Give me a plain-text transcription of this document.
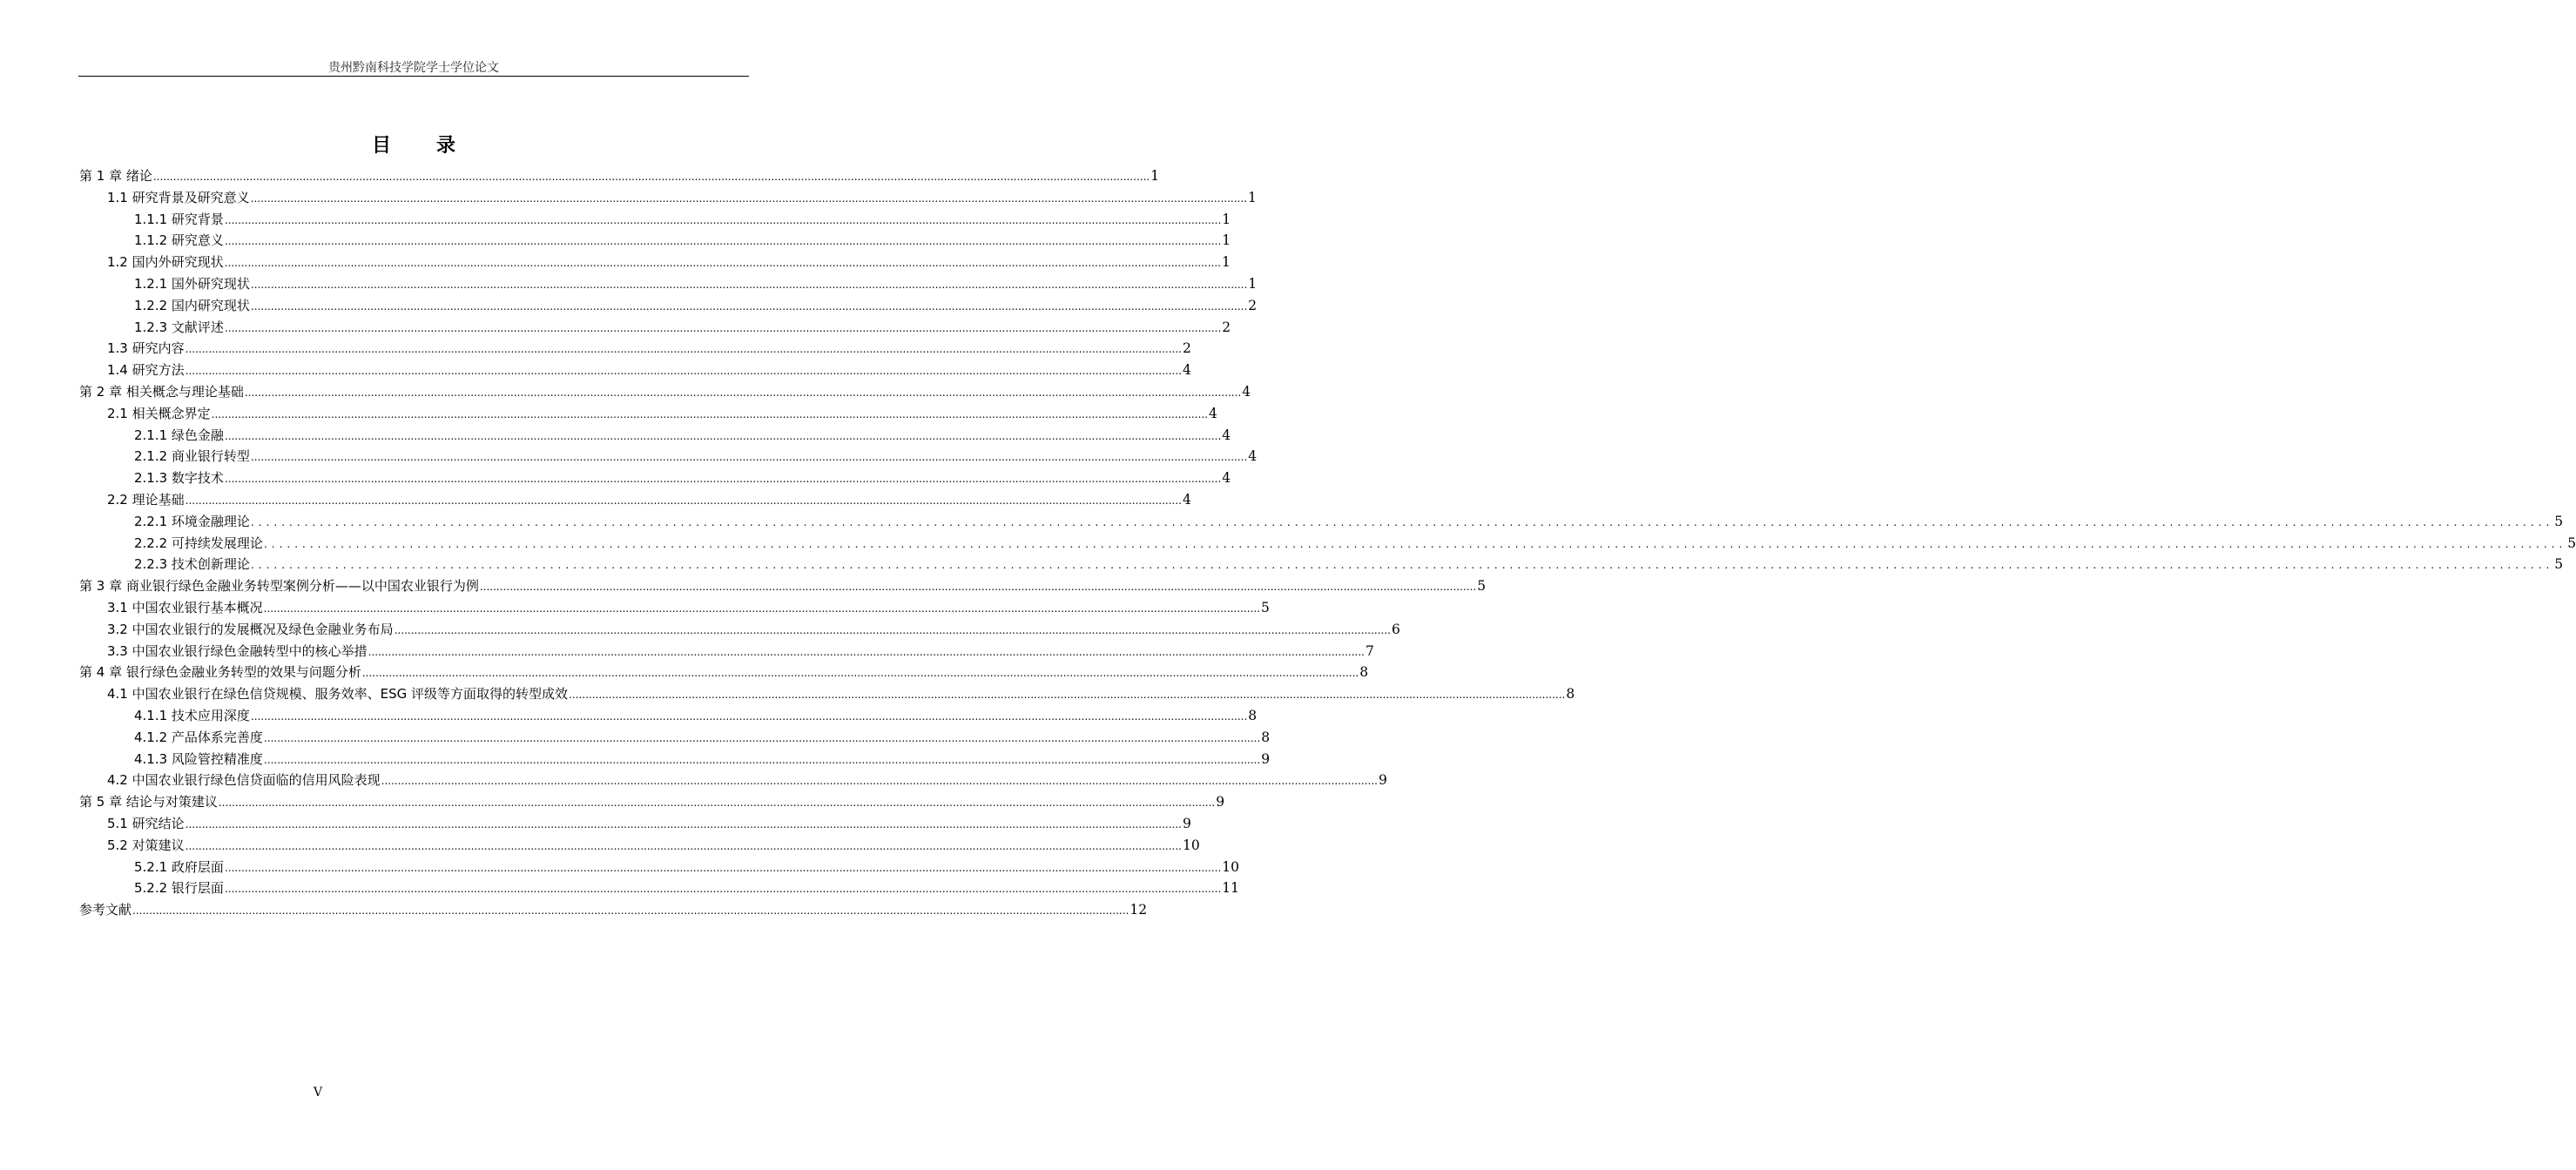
贵州黔南科技学院学士学位论文
目录
第 1 章 绪论 ............................................................................................................................................................................................................................................................................................................ 1
1.1 研究背景及研究意义 ............................................................................................................................................................................................................................................................................................................ 1
1.1.1 研究背景 ............................................................................................................................................................................................................................................................................................................ 1
1.1.2 研究意义 ............................................................................................................................................................................................................................................................................................................ 1
1.2 国内外研究现状 ............................................................................................................................................................................................................................................................................................................ 1
1.2.1 国外研究现状 ............................................................................................................................................................................................................................................................................................................ 1
1.2.2 国内研究现状 ............................................................................................................................................................................................................................................................................................................ 2
1.2.3 文献评述 ............................................................................................................................................................................................................................................................................................................ 2
1.3 研究内容 ............................................................................................................................................................................................................................................................................................................ 2
1.4 研究方法 ............................................................................................................................................................................................................................................................................................................ 4
第 2 章 相关概念与理论基础 ............................................................................................................................................................................................................................................................................................................ 4
2.1 相关概念界定 ............................................................................................................................................................................................................................................................................................................ 4
2.1.1 绿色金融 ............................................................................................................................................................................................................................................................................................................ 4
2.1.2 商业银行转型 ............................................................................................................................................................................................................................................................................................................ 4
2.1.3 数字技术 ............................................................................................................................................................................................................................................................................................................ 4
2.2 理论基础 ............................................................................................................................................................................................................................................................................................................ 4
2.2.1 环境金融理论 ............................................................................................................................................................................................................................................................................................................ 5
2.2.2 可持续发展理论 ............................................................................................................................................................................................................................................................................................................ 5
2.2.3 技术创新理论 ............................................................................................................................................................................................................................................................................................................ 5
第 3 章 商业银行绿色金融业务转型案例分析——以中国农业银行为例 ............................................................................................................................................................................................................................................................................................................ 5
3.1 中国农业银行基本概况 ............................................................................................................................................................................................................................................................................................................ 5
3.2 中国农业银行的发展概况及绿色金融业务布局 ............................................................................................................................................................................................................................................................................................................ 6
3.3 中国农业银行绿色金融转型中的核心举措 ............................................................................................................................................................................................................................................................................................................ 7
第 4 章 银行绿色金融业务转型的效果与问题分析 ............................................................................................................................................................................................................................................................................................................ 8
4.1 中国农业银行在绿色信贷规模、服务效率、ESG 评级等方面取得的转型成效 ............................................................................................................................................................................................................................................................................................................ 8
4.1.1 技术应用深度 ............................................................................................................................................................................................................................................................................................................ 8
4.1.2 产品体系完善度 ............................................................................................................................................................................................................................................................................................................ 8
4.1.3 风险管控精准度 ............................................................................................................................................................................................................................................................................................................ 9
4.2 中国农业银行绿色信贷面临的信用风险表现 ............................................................................................................................................................................................................................................................................................................ 9
第 5 章 结论与对策建议 ............................................................................................................................................................................................................................................................................................................ 9
5.1 研究结论 ............................................................................................................................................................................................................................................................................................................ 9
5.2 对策建议 ............................................................................................................................................................................................................................................................................................................ 10
5.2.1 政府层面 ............................................................................................................................................................................................................................................................................................................ 10
5.2.2 银行层面 ............................................................................................................................................................................................................................................................................................................ 11
参考文献 ............................................................................................................................................................................................................................................................................................................ 12
V
